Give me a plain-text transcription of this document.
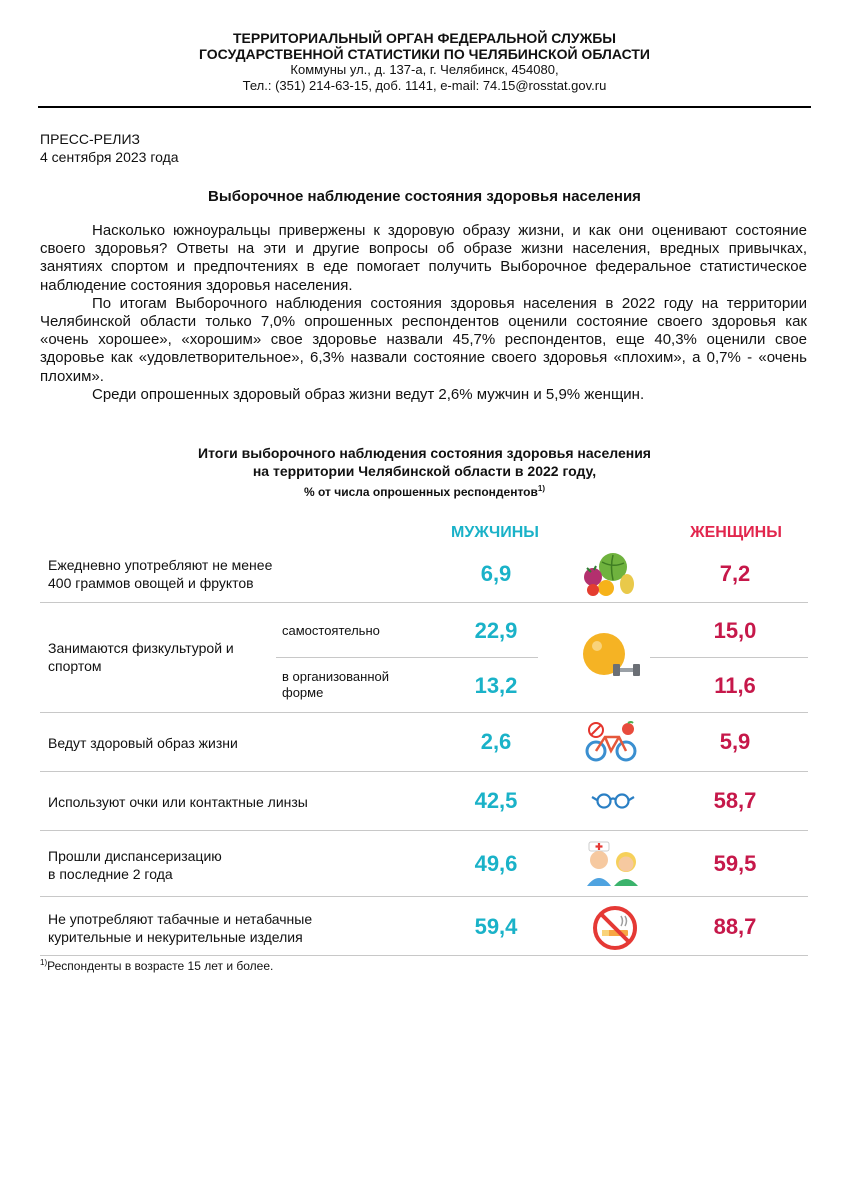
ТЕРРИТОРИАЛЬНЫЙ ОРГАН ФЕДЕРАЛЬНОЙ СЛУЖБЫ
ГОСУДАРСТВЕННОЙ СТАТИСТИКИ ПО ЧЕЛЯБИНСКОЙ ОБЛАСТИ
Коммуны ул., д. 137-а, г. Челябинск, 454080,
Тел.: (351) 214-63-15, доб. 1141, e-mail: 74.15@rosstat.gov.ru
ПРЕСС-РЕЛИЗ
4 сентября 2023 года
Выборочное наблюдение состояния здоровья населения

Насколько южноуральцы привержены к здоровую образу жизни, и как они оценивают состояние своего здоровья? Ответы на эти и другие вопросы об образе жизни населения, вредных привычках, занятиях спортом и предпочтениях в еде помогает получить Выборочное федеральное статистическое наблюдение состояния здоровья населения.

По итогам Выборочного наблюдения состояния здоровья населения в 2022 году на территории Челябинской области только 7,0% опрошенных респондентов оценили состояние своего здоровья как «очень хорошее», «хорошим» свое здоровье назвали 45,7% респондентов, еще 40,3% оценили свое здоровье как «удовлетворительное», 6,3% назвали состояние своего здоровья «плохим», а 0,7% - «очень плохим».

Среди опрошенных здоровый образ жизни ведут 2,6% мужчин и 5,9% женщин.

Итоги выборочного наблюдения состояния здоровья населения
на территории Челябинской области в 2022 году,
% от числа опрошенных респондентов$^{1)}$
МУЖЧИНЫ	ЖЕНЩИНЫ
Ежедневно употребляют не менее
400 граммов овощей и фруктов	6,9	7,2
Занимаются физкультурой и
спортом
самостоятельно	22,9	15,0
в организованной
форме	13,2	11,6
Ведут здоровый образ жизни	2,6	5,9
Используют очки или контактные линзы	42,5	58,7
Прошли диспансеризацию
в последние 2 года	49,6	59,5
Не употребляют табачные и нетабачные
курительные и некурительные изделия	59,4	88,7
$^{1)}$Респонденты в возрасте 15 лет и более.
